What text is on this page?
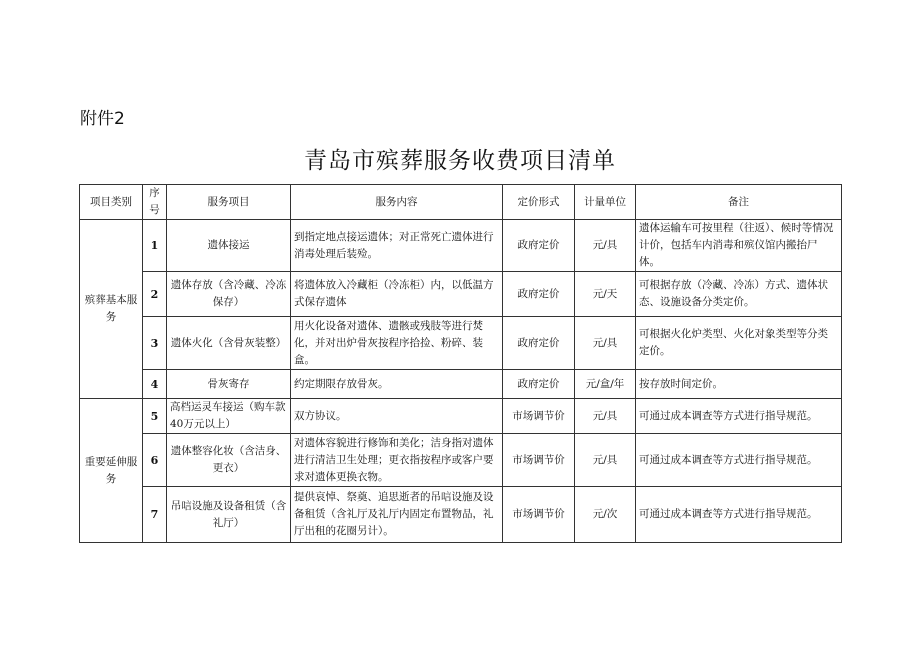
附件2
青岛市殡葬服务收费项目清单
项目类别	序号	服务项目	服务内容	定价形式	计量单位	备注
殡葬基本服务	1	遗体接运	到指定地点接运遗体；对正常死亡遗体进行消毒处理后装殓。	政府定价	元/具	遗体运输车可按里程（往返）、候时等情况计价，包括车内消毒和殡仪馆内搬抬尸体。
	2	遗体存放（含冷藏、冷冻保存）	将遗体放入冷藏柜（冷冻柜）内，以低温方式保存遗体	政府定价	元/天	可根据存放（冷藏、冷冻）方式、遗体状态、设施设备分类定价。
	3	遗体火化（含骨灰装整）	用火化设备对遗体、遗骸或残肢等进行焚化，并对出炉骨灰按程序拾捡、粉碎、装盒。	政府定价	元/具	可根据火化炉类型、火化对象类型等分类定价。
	4	骨灰寄存	约定期限存放骨灰。	政府定价	元/盒/年	按存放时间定价。
重要延伸服务	5	高档运灵车接运（购车款40万元以上）	双方协议。	市场调节价	元/具	可通过成本调查等方式进行指导规范。
	6	遗体整容化妆（含洁身、更衣）	对遗体容貌进行修饰和美化；洁身指对遗体进行清洁卫生处理；更衣指按程序或客户要求对遗体更换衣物。	市场调节价	元/具	可通过成本调查等方式进行指导规范。
	7	吊唁设施及设备租赁（含礼厅）	提供哀悼、祭奠、追思逝者的吊唁设施及设备租赁（含礼厅及礼厅内固定布置物品，礼厅出租的花圈另计）。	市场调节价	元/次	可通过成本调查等方式进行指导规范。
